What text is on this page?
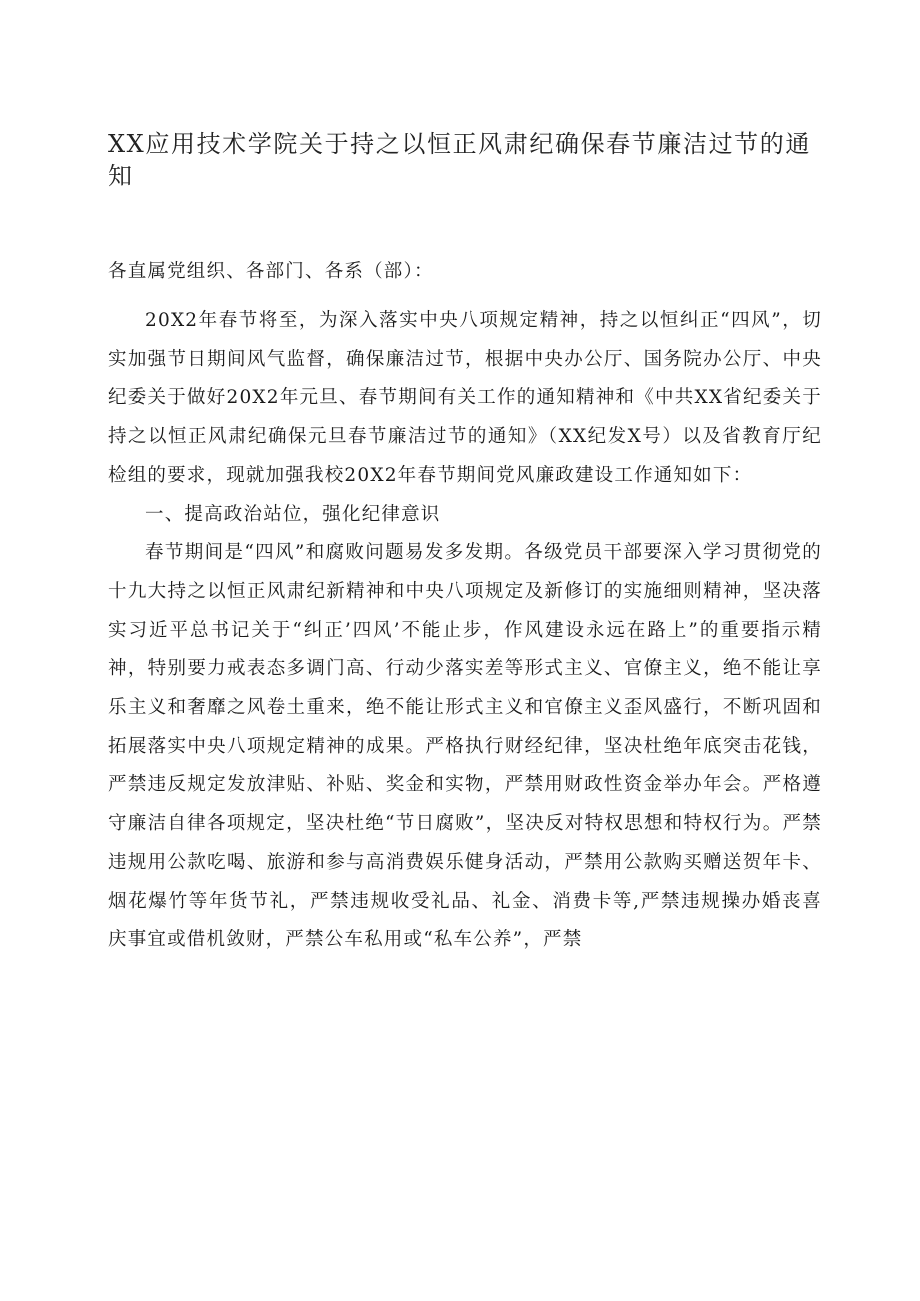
XX应用技术学院关于持之以恒正风肃纪确保春节廉洁过节的通知

各直属党组织、各部门、各系（部）：

20X2年春节将至，为深入落实中央八项规定精神，持之以恒纠正“四风”，切实加强节日期间风气监督，确保廉洁过节，根据中央办公厅、国务院办公厅、中央纪委关于做好20X2年元旦、春节期间有关工作的通知精神和《中共XX省纪委关于持之以恒正风肃纪确保元旦春节廉洁过节的通知》（XX纪发X号）以及省教育厅纪检组的要求，现就加强我校20X2年春节期间党风廉政建设工作通知如下：

一、提高政治站位，强化纪律意识

春节期间是“四风”和腐败问题易发多发期。各级党员干部要深入学习贯彻党的十九大持之以恒正风肃纪新精神和中央八项规定及新修订的实施细则精神，坚决落实习近平总书记关于“纠正’四风’不能止步，作风建设永远在路上”的重要指示精神，特别要力戒表态多调门高、行动少落实差等形式主义、官僚主义，绝不能让享乐主义和奢靡之风卷土重来，绝不能让形式主义和官僚主义歪风盛行，不断巩固和拓展落实中央八项规定精神的成果。严格执行财经纪律，坚决杜绝年底突击花钱，严禁违反规定发放津贴、补贴、奖金和实物，严禁用财政性资金举办年会。严格遵守廉洁自律各项规定，坚决杜绝“节日腐败”，坚决反对特权思想和特权行为。严禁违规用公款吃喝、旅游和参与高消费娱乐健身活动，严禁用公款购买赠送贺年卡、烟花爆竹等年货节礼，严禁违规收受礼品、礼金、消费卡等,严禁违规操办婚丧喜庆事宜或借机敛财，严禁公车私用或“私车公养”，严禁
